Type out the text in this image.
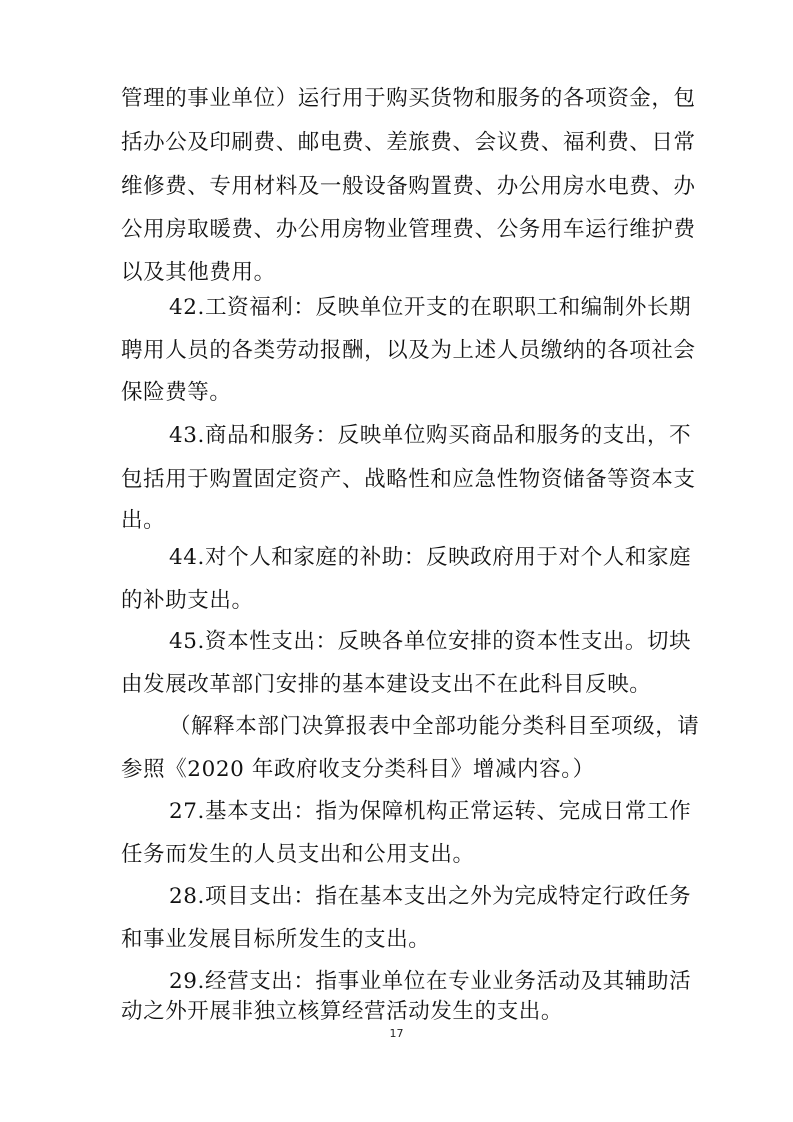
管理的事业单位）运行用于购买货物和服务的各项资金，包
括办公及印刷费、邮电费、差旅费、会议费、福利费、日常
维修费、专用材料及一般设备购置费、办公用房水电费、办
公用房取暖费、办公用房物业管理费、公务用车运行维护费
以及其他费用。
42.工资福利：反映单位开支的在职职工和编制外长期
聘用人员的各类劳动报酬，以及为上述人员缴纳的各项社会
保险费等。
43.商品和服务：反映单位购买商品和服务的支出，不
包括用于购置固定资产、战略性和应急性物资储备等资本支
出。
44.对个人和家庭的补助：反映政府用于对个人和家庭
的补助支出。
45.资本性支出：反映各单位安排的资本性支出。切块
由发展改革部门安排的基本建设支出不在此科目反映。
（解释本部门决算报表中全部功能分类科目至项级，请
参照《2020 年政府收支分类科目》增减内容。）
27.基本支出：指为保障机构正常运转、完成日常工作
任务而发生的人员支出和公用支出。
28.项目支出：指在基本支出之外为完成特定行政任务
和事业发展目标所发生的支出。
29.经营支出：指事业单位在专业业务活动及其辅助活
动之外开展非独立核算经营活动发生的支出。
17
